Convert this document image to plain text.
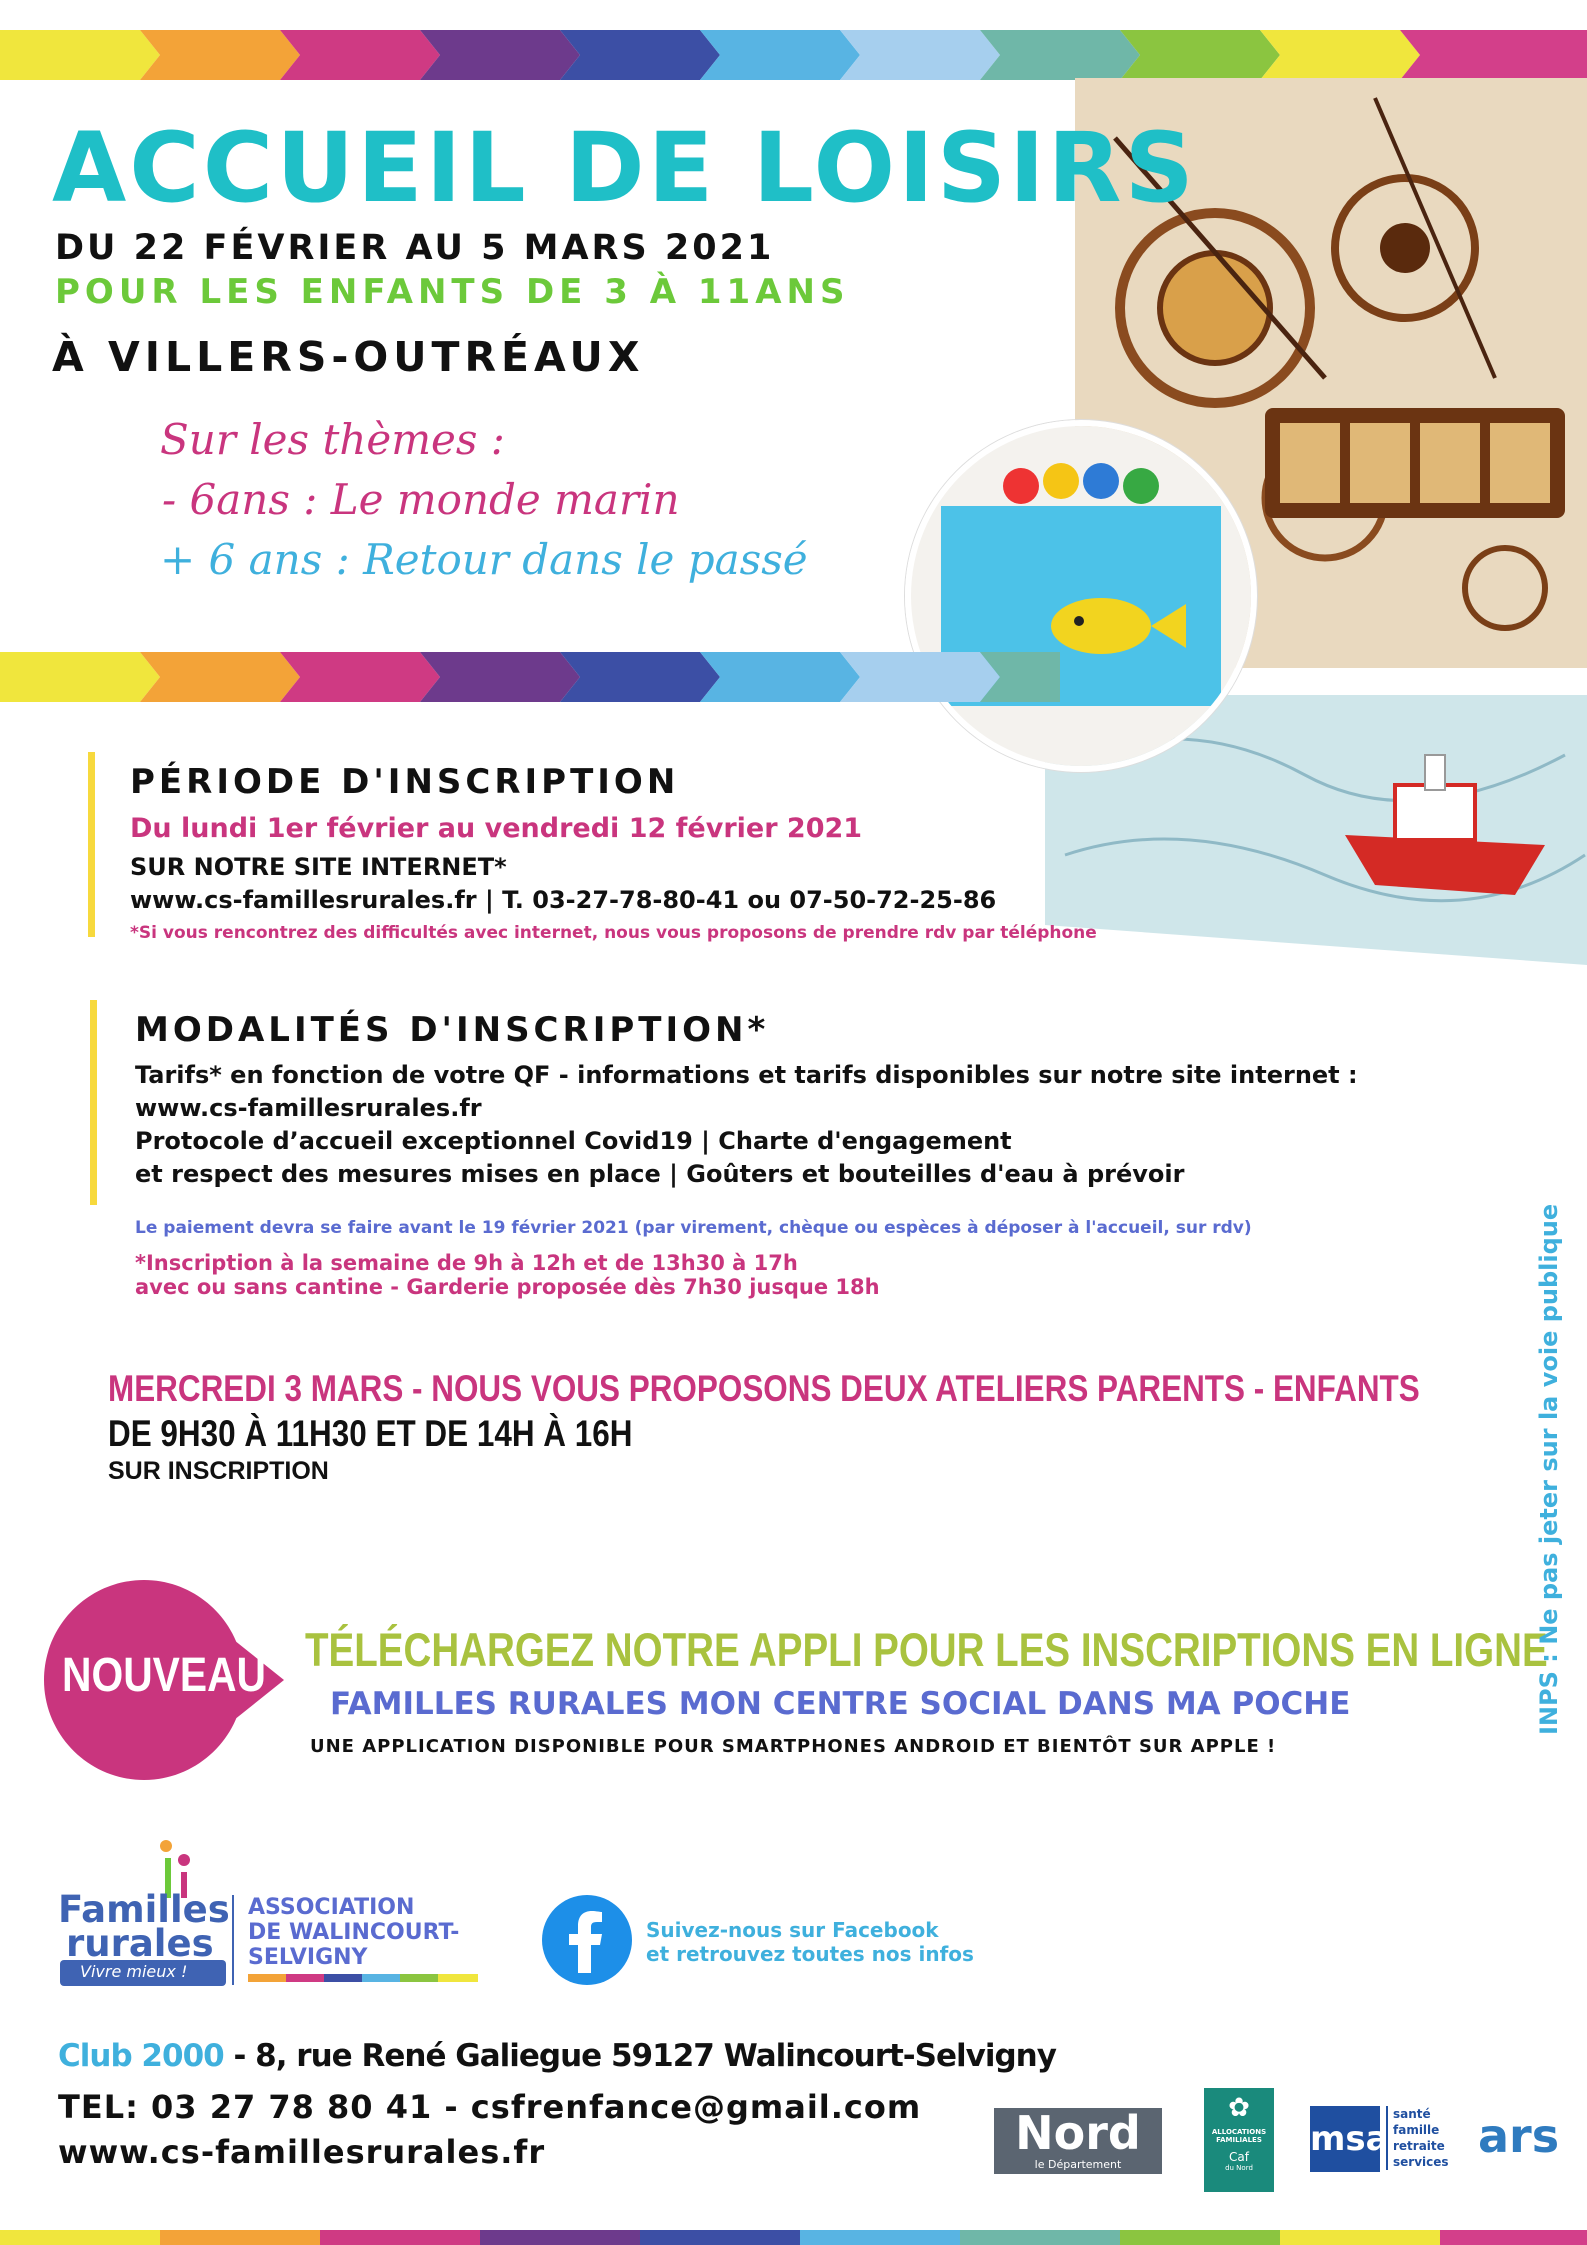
ACCUEIL DE LOISIRS
DU 22 FÉVRIER AU 5 MARS 2021
POUR LES ENFANTS DE 3 À 11ANS
À VILLERS-OUTRÉAUX
Sur les thèmes :
- 6ans : Le monde marin
+ 6 ans : Retour dans le passé
PÉRIODE D'INSCRIPTION
Du lundi 1er février au vendredi 12 février 2021
SUR NOTRE SITE INTERNET*
www.cs-famillesrurales.fr | T. 03-27-78-80-41 ou 07-50-72-25-86
*Si vous rencontrez des difficultés avec internet, nous vous proposons de prendre rdv par téléphone
MODALITÉS D'INSCRIPTION*
Tarifs* en fonction de votre QF - informations et tarifs disponibles sur notre site internet :
www.cs-famillesrurales.fr
Protocole d’accueil exceptionnel Covid19 | Charte d'engagement
et respect des mesures mises en place | Goûters et bouteilles d'eau à prévoir
Le paiement devra se faire avant le 19 février 2021 (par virement, chèque ou espèces à déposer à l'accueil, sur rdv)
*Inscription à la semaine de 9h à 12h et de 13h30 à 17h
avec ou sans cantine - Garderie proposée dès 7h30 jusque 18h
MERCREDI 3 MARS - NOUS VOUS PROPOSONS DEUX ATELIERS PARENTS - ENFANTS
DE 9H30 À 11H30 ET DE 14H À 16H
SUR INSCRIPTION
NOUVEAU TÉLÉCHARGEZ NOTRE APPLI POUR LES INSCRIPTIONS EN LIGNE
FAMILLES RURALES MON CENTRE SOCIAL DANS MA POCHE
UNE APPLICATION DISPONIBLE POUR SMARTPHONES ANDROID ET BIENTÔT SUR APPLE !
INPS : Ne pas jeter sur la voie publique
Familles
rurales
Vivre mieux !
ASSOCIATION
DE WALINCOURT-
SELVIGNY
Suivez-nous sur Facebook
et retrouvez toutes nos infos
Club 2000 - 8, rue René Galiegue 59127 Walincourt-Selvigny
TEL: 03 27 78 80 41 - csfrenfance@gmail.com
www.cs-famillesrurales.fr	Nord
le Département
✿
ALLOCATIONS
FAMILIALES
Caf
du Nord
msa
santé
famille
retraite
services ars
